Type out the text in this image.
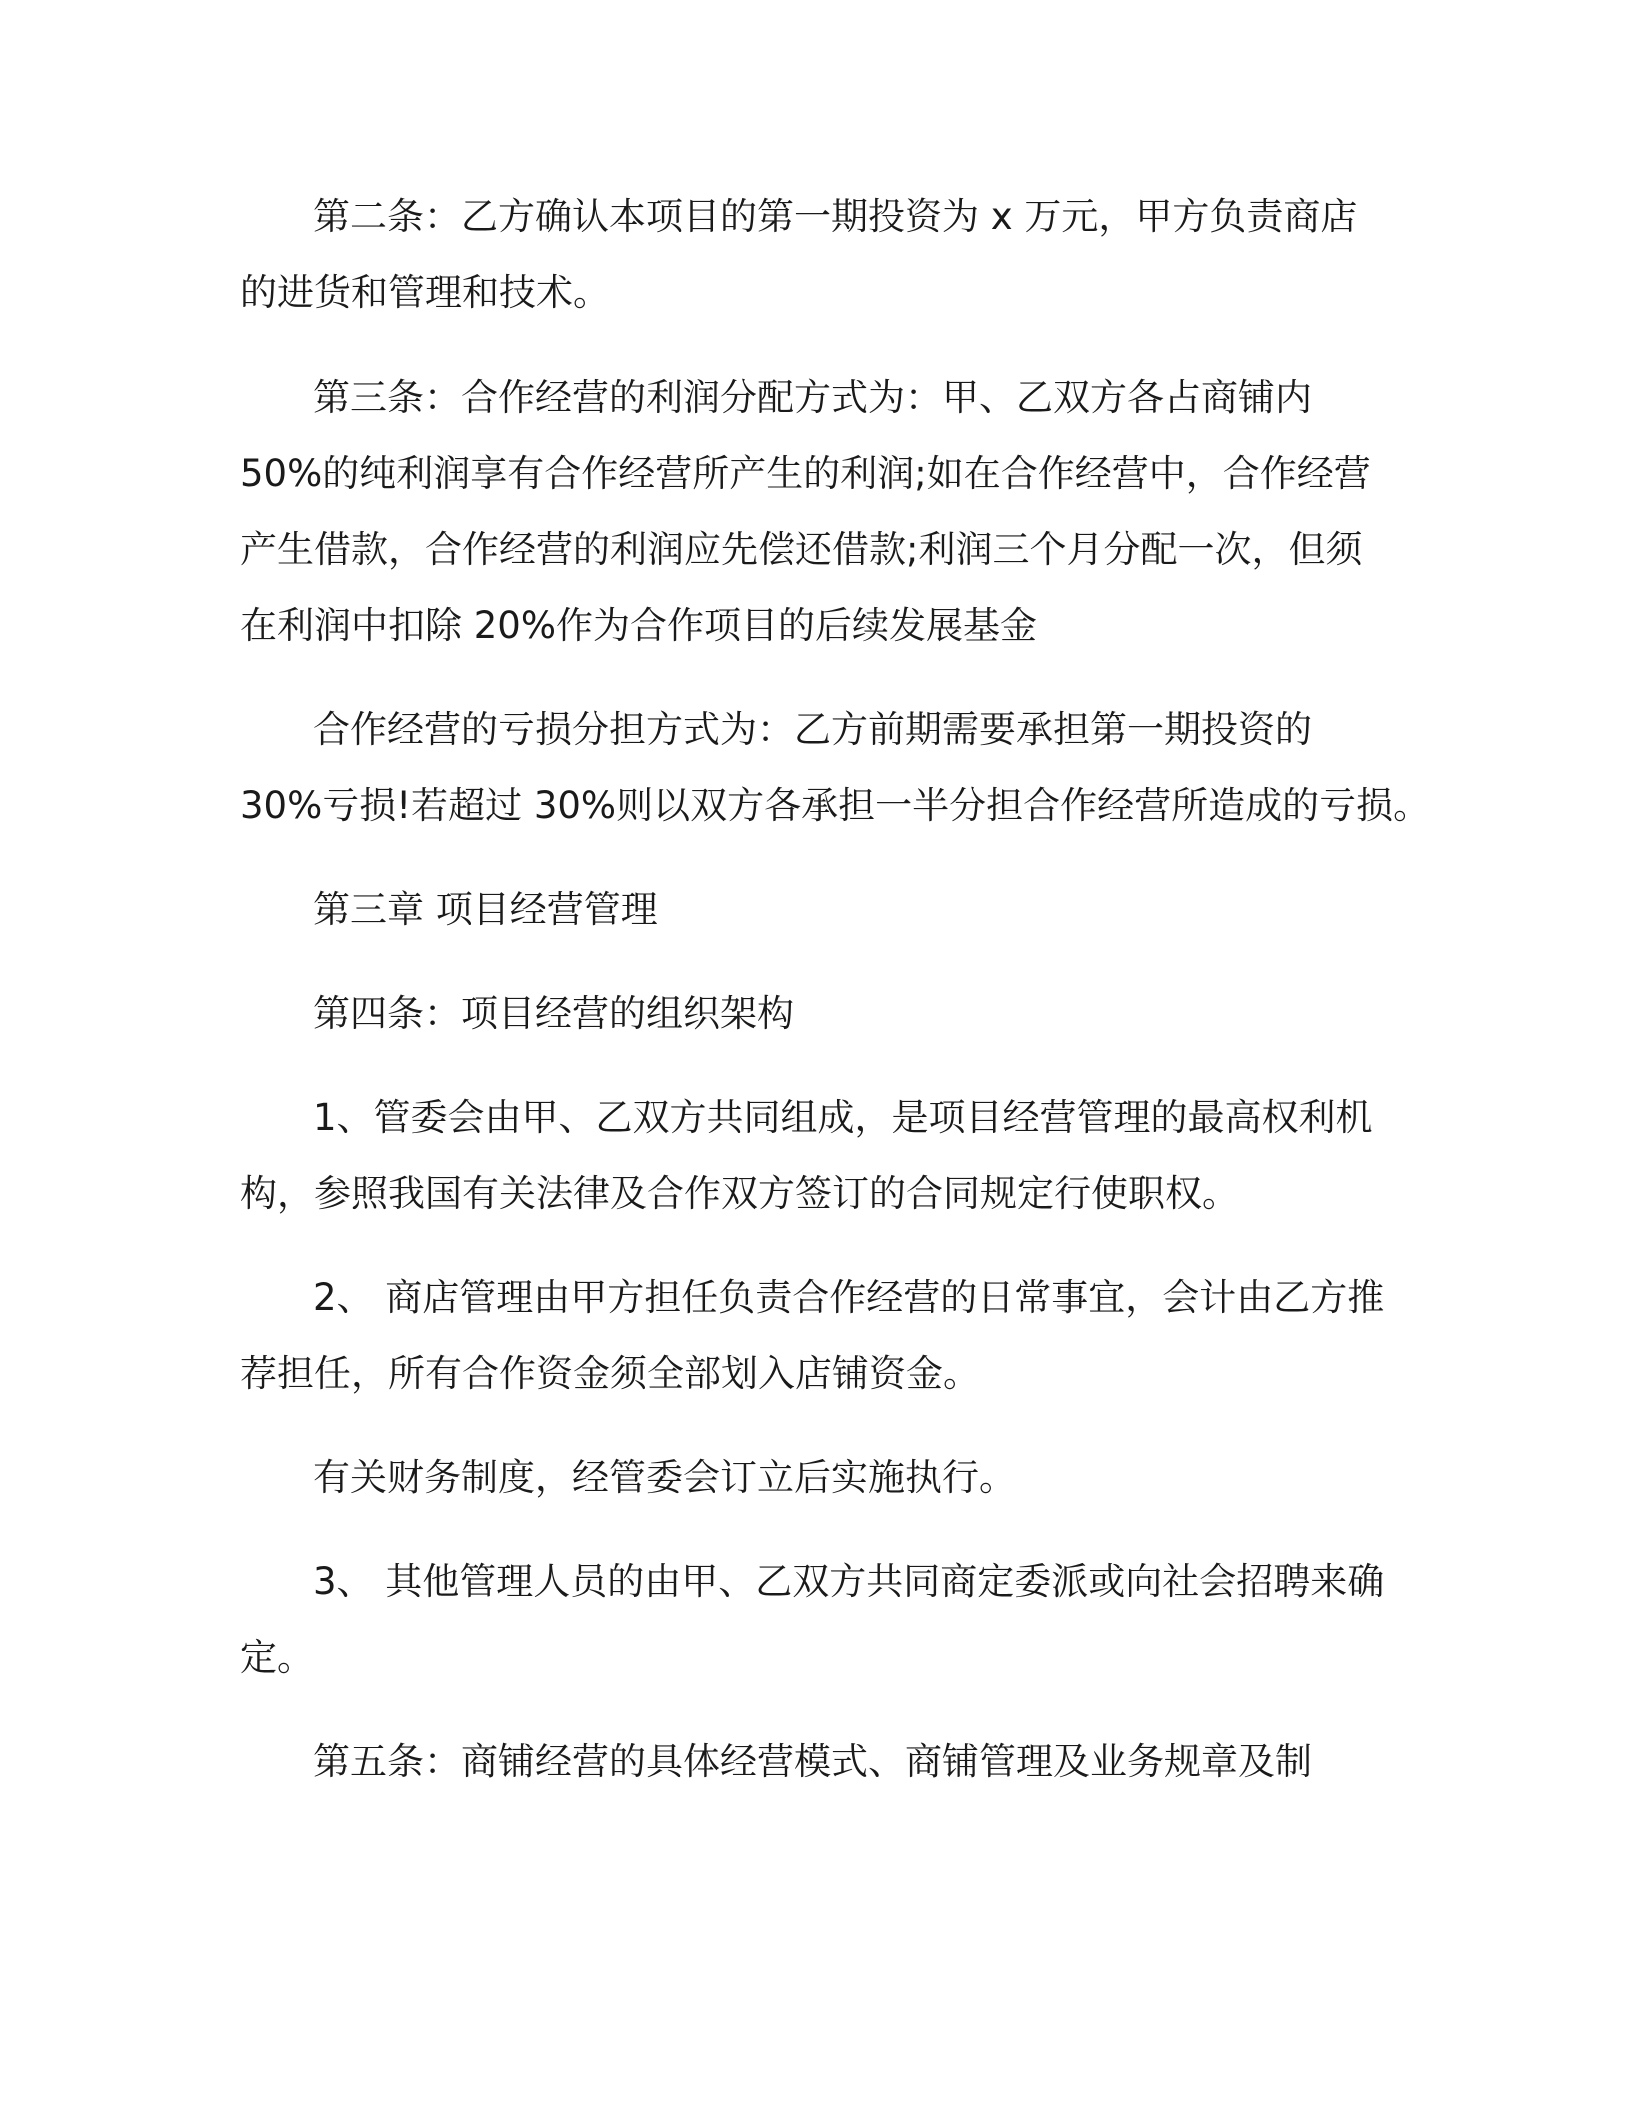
第二条：乙方确认本项目的第一期投资为 x 万元，甲方负责商店

的进货和管理和技术。

第三条：合作经营的利润分配方式为：甲、乙双方各占商铺内

50%的纯利润享有合作经营所产生的利润;如在合作经营中，合作经营

产生借款，合作经营的利润应先偿还借款;利润三个月分配一次，但须

在利润中扣除 20%作为合作项目的后续发展基金

合作经营的亏损分担方式为：乙方前期需要承担第一期投资的

30%亏损!若超过 30%则以双方各承担一半分担合作经营所造成的亏损。

第三章 项目经营管理

第四条：项目经营的组织架构

1、管委会由甲、乙双方共同组成，是项目经营管理的最高权利机

构，参照我国有关法律及合作双方签订的合同规定行使职权。

2、 商店管理由甲方担任负责合作经营的日常事宜，会计由乙方推

荐担任，所有合作资金须全部划入店铺资金。

有关财务制度，经管委会订立后实施执行。

3、 其他管理人员的由甲、乙双方共同商定委派或向社会招聘来确

定。

第五条：商铺经营的具体经营模式、商铺管理及业务规章及制
